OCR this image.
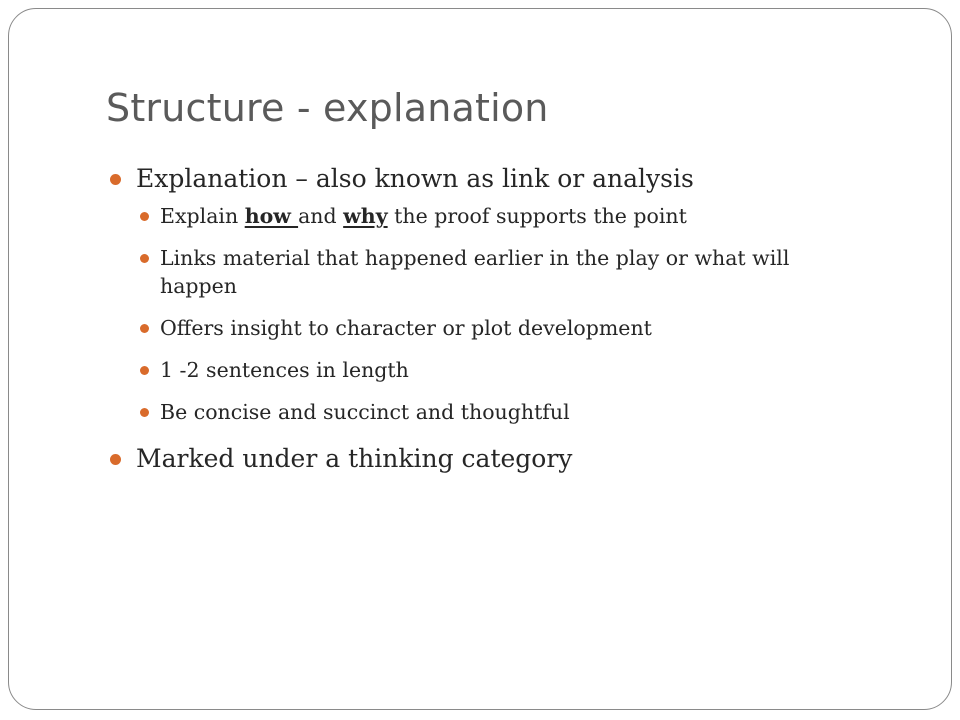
Structure - explanation
Explanation – also known as link or analysis
Explain how and why the proof supports the point
Links material that happened earlier in the play or what will happen
Offers insight to character or plot development
1 -2 sentences in length
Be concise and succinct and thoughtful
Marked under a thinking category
